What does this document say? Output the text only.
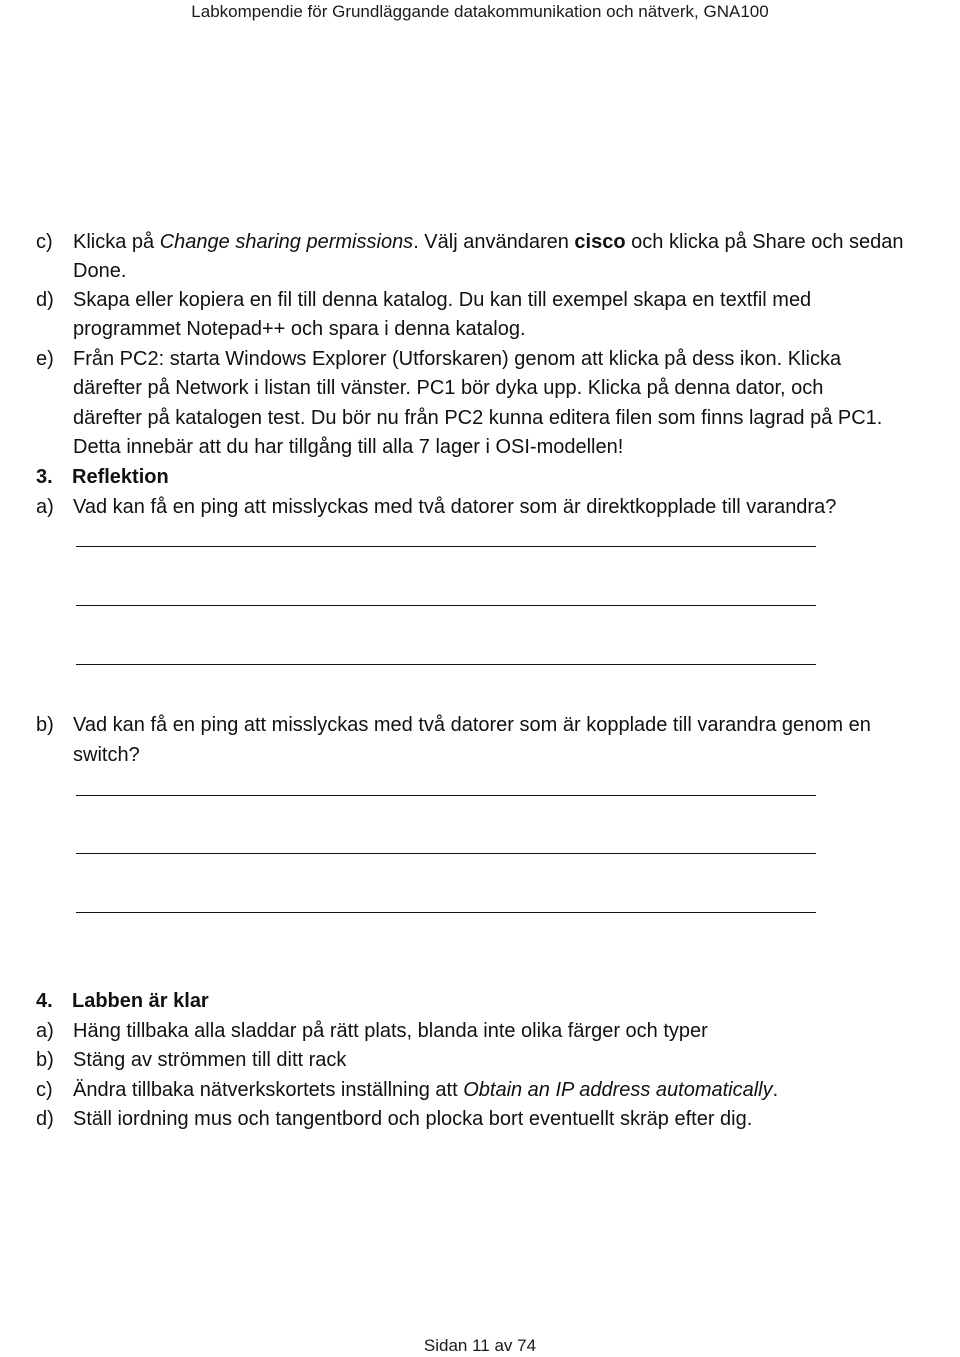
Labkompendie för Grundläggande datakommunikation och nätverk, GNA100
c) Klicka på Change sharing permissions. Välj användaren cisco och klicka på Share och sedan
Done.
d) Skapa eller kopiera en fil till denna katalog. Du kan till exempel skapa en textfil med
programmet Notepad++ och spara i denna katalog.
e) Från PC2: starta Windows Explorer (Utforskaren) genom att klicka på dess ikon. Klicka
därefter på Network i listan till vänster. PC1 bör dyka upp. Klicka på denna dator, och
därefter på katalogen test. Du bör nu från PC2 kunna editera filen som finns lagrad på PC1.
Detta innebär att du har tillgång till alla 7 lager i OSI-modellen!
3. Reflektion
a) Vad kan få en ping att misslyckas med två datorer som är direktkopplade till varandra?
b) Vad kan få en ping att misslyckas med två datorer som är kopplade till varandra genom en
switch?
4. Labben är klar
a) Häng tillbaka alla sladdar på rätt plats, blanda inte olika färger och typer
b) Stäng av strömmen till ditt rack
c) Ändra tillbaka nätverkskortets inställning att Obtain an IP address automatically.
d) Ställ iordning mus och tangentbord och plocka bort eventuellt skräp efter dig.
Sidan 11 av 74
